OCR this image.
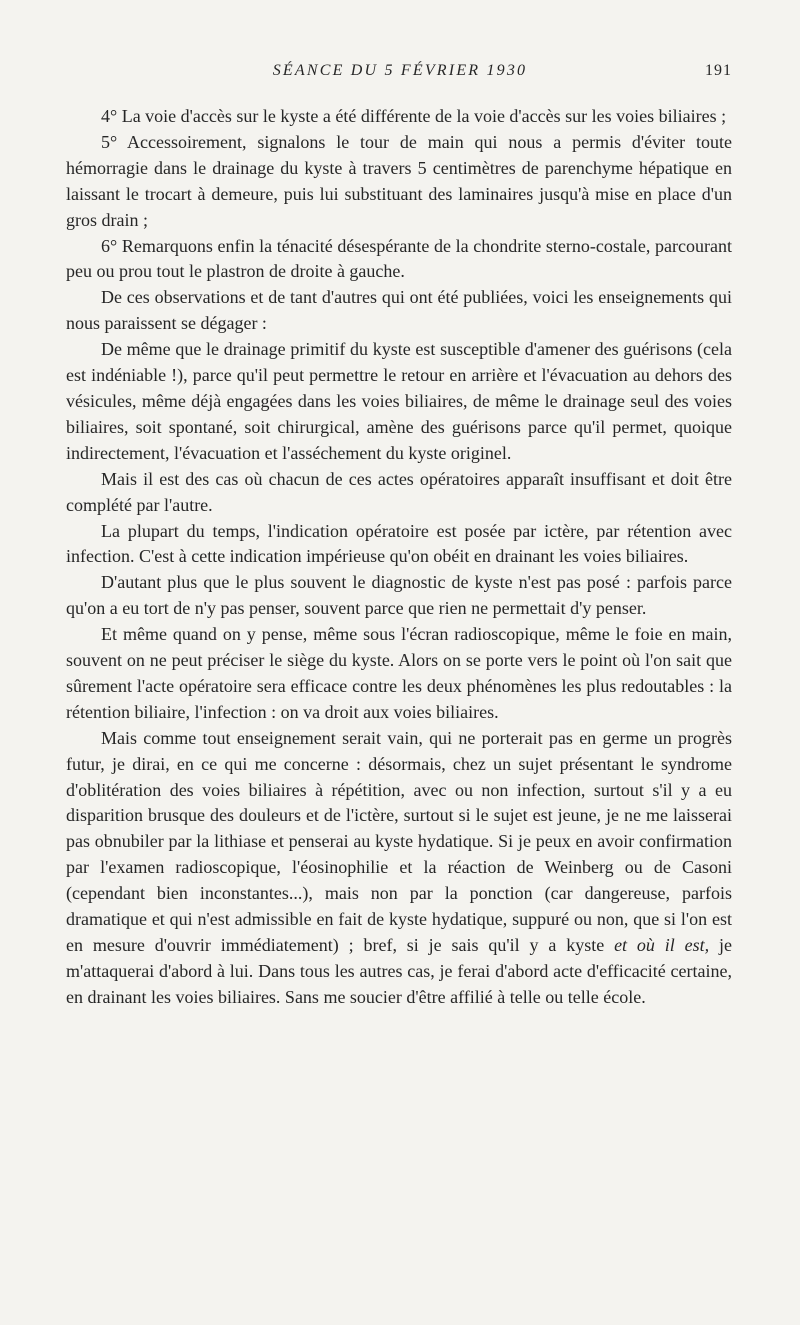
SÉANCE DU 5 FÉVRIER 1930	191

4° La voie d'accès sur le kyste a été différente de la voie d'accès sur les voies biliaires ;

5° Accessoirement, signalons le tour de main qui nous a permis d'éviter toute hémorragie dans le drainage du kyste à travers 5 centimètres de parenchyme hépatique en laissant le trocart à demeure, puis lui substituant des laminaires jusqu'à mise en place d'un gros drain ;

6° Remarquons enfin la ténacité désespérante de la chondrite sterno-costale, parcourant peu ou prou tout le plastron de droite à gauche.

De ces observations et de tant d'autres qui ont été publiées, voici les enseignements qui nous paraissent se dégager :

De même que le drainage primitif du kyste est susceptible d'amener des guérisons (cela est indéniable !), parce qu'il peut permettre le retour en arrière et l'évacuation au dehors des vésicules, même déjà engagées dans les voies biliaires, de même le drainage seul des voies biliaires, soit spontané, soit chirurgical, amène des guérisons parce qu'il permet, quoique indirectement, l'évacuation et l'asséchement du kyste originel.

Mais il est des cas où chacun de ces actes opératoires apparaît insuffisant et doit être complété par l'autre.

La plupart du temps, l'indication opératoire est posée par ictère, par rétention avec infection. C'est à cette indication impérieuse qu'on obéit en drainant les voies biliaires.

D'autant plus que le plus souvent le diagnostic de kyste n'est pas posé : parfois parce qu'on a eu tort de n'y pas penser, souvent parce que rien ne permettait d'y penser.

Et même quand on y pense, même sous l'écran radioscopique, même le foie en main, souvent on ne peut préciser le siège du kyste. Alors on se porte vers le point où l'on sait que sûrement l'acte opératoire sera efficace contre les deux phénomènes les plus redoutables : la rétention biliaire, l'infection : on va droit aux voies biliaires.

Mais comme tout enseignement serait vain, qui ne porterait pas en germe un progrès futur, je dirai, en ce qui me concerne : désormais, chez un sujet présentant le syndrome d'oblitération des voies biliaires à répétition, avec ou non infection, surtout s'il y a eu disparition brusque des douleurs et de l'ictère, surtout si le sujet est jeune, je ne me laisserai pas obnubiler par la lithiase et penserai au kyste hydatique. Si je peux en avoir confirmation par l'examen radioscopique, l'éosinophilie et la réaction de Weinberg ou de Casoni (cependant bien inconstantes...), mais non par la ponction (car dangereuse, parfois dramatique et qui n'est admissible en fait de kyste hydatique, suppuré ou non, que si l'on est en mesure d'ouvrir immédiatement) ; bref, si je sais qu'il y a kyste et où il est, je m'attaquerai d'abord à lui. Dans tous les autres cas, je ferai d'abord acte d'efficacité certaine, en drainant les voies biliaires. Sans me soucier d'être affilié à telle ou telle école.
